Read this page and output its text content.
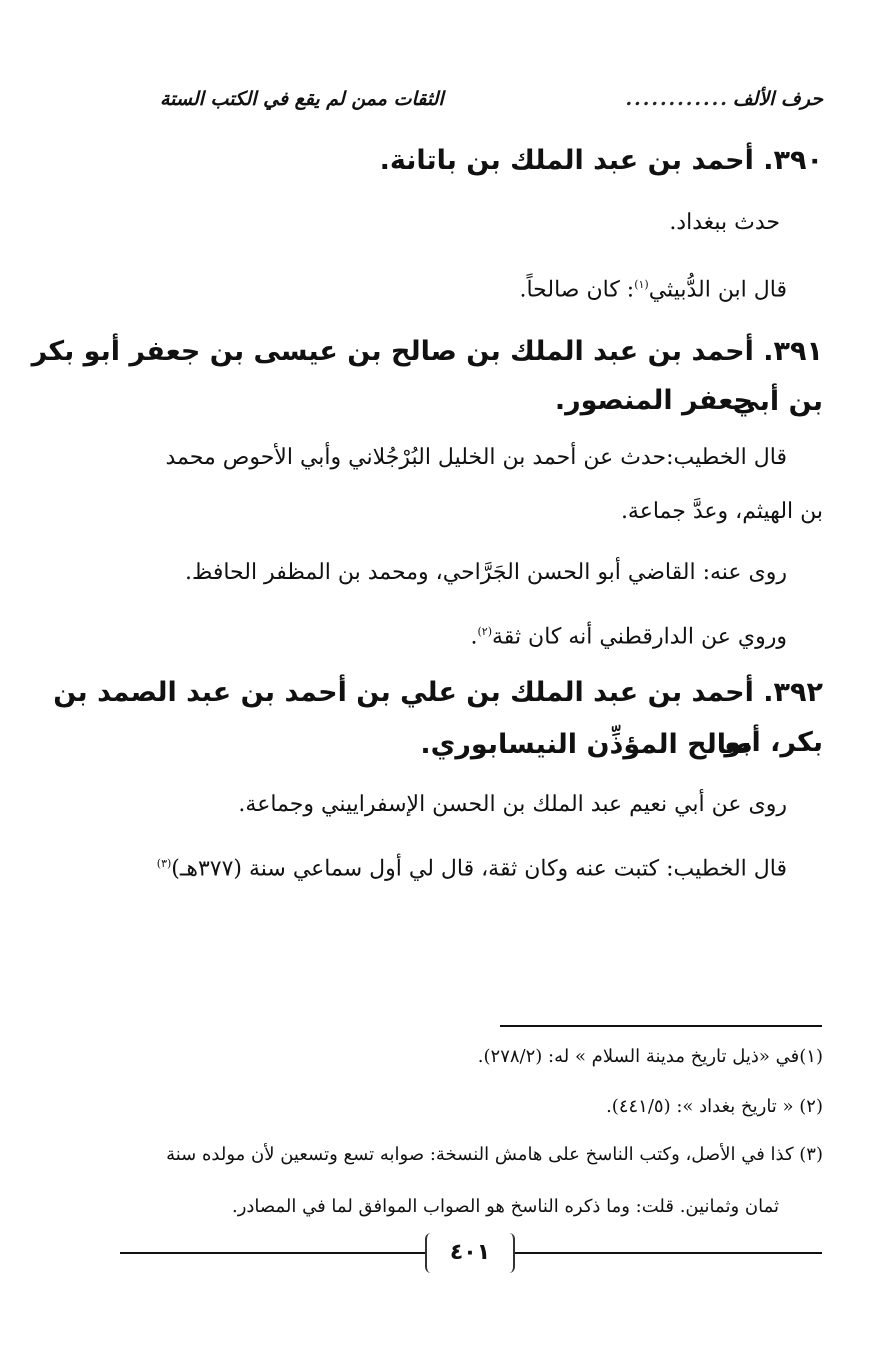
حرف الألف
............
الثقات ممن لم يقع في الكتب الستة
٣٩٠. أحمد بن عبد الملك بن باتانة.
حدث ببغداد.
قال ابن الدُّبيثي$^{(١)}$: كان صالحاً.
٣٩١. أحمد بن عبد الملك بن صالح بن عيسى بن جعفر أبو بكر بن أبي
جعفر المنصور.
قال الخطيب:حدث عن أحمد بن الخليل البُرْجُلاني وأبي الأحوص محمد
بن الهيثم، وعدَّ جماعة.
روى عنه: القاضي أبو الحسن الجَرَّاحي، ومحمد بن المظفر الحافظ.
وروي عن الدارقطني أنه كان ثقة$^{(٢)}$.
٣٩٢. أحمد بن عبد الملك بن علي بن أحمد بن عبد الصمد بن بكر، أبو
صالح المؤذِّن النيسابوري.
روى عن أبي نعيم عبد الملك بن الحسن الإسفراييني وجماعة.
قال الخطيب: كتبت عنه وكان ثقة، قال لي أول سماعي سنة (٣٧٧هـ)$^{(٣)}$
(١)في «ذيل تاريخ مدينة السلام » له: (٢٧٨/٢).
(٢) « تاريخ بغداد »: (٤٤١/٥).
(٣) كذا في الأصل، وكتب الناسخ على هامش النسخة: صوابه تسع وتسعين لأن مولده سنة
ثمان وثمانين. قلت: وما ذكره الناسخ هو الصواب الموافق لما في المصادر.
٤٠١
